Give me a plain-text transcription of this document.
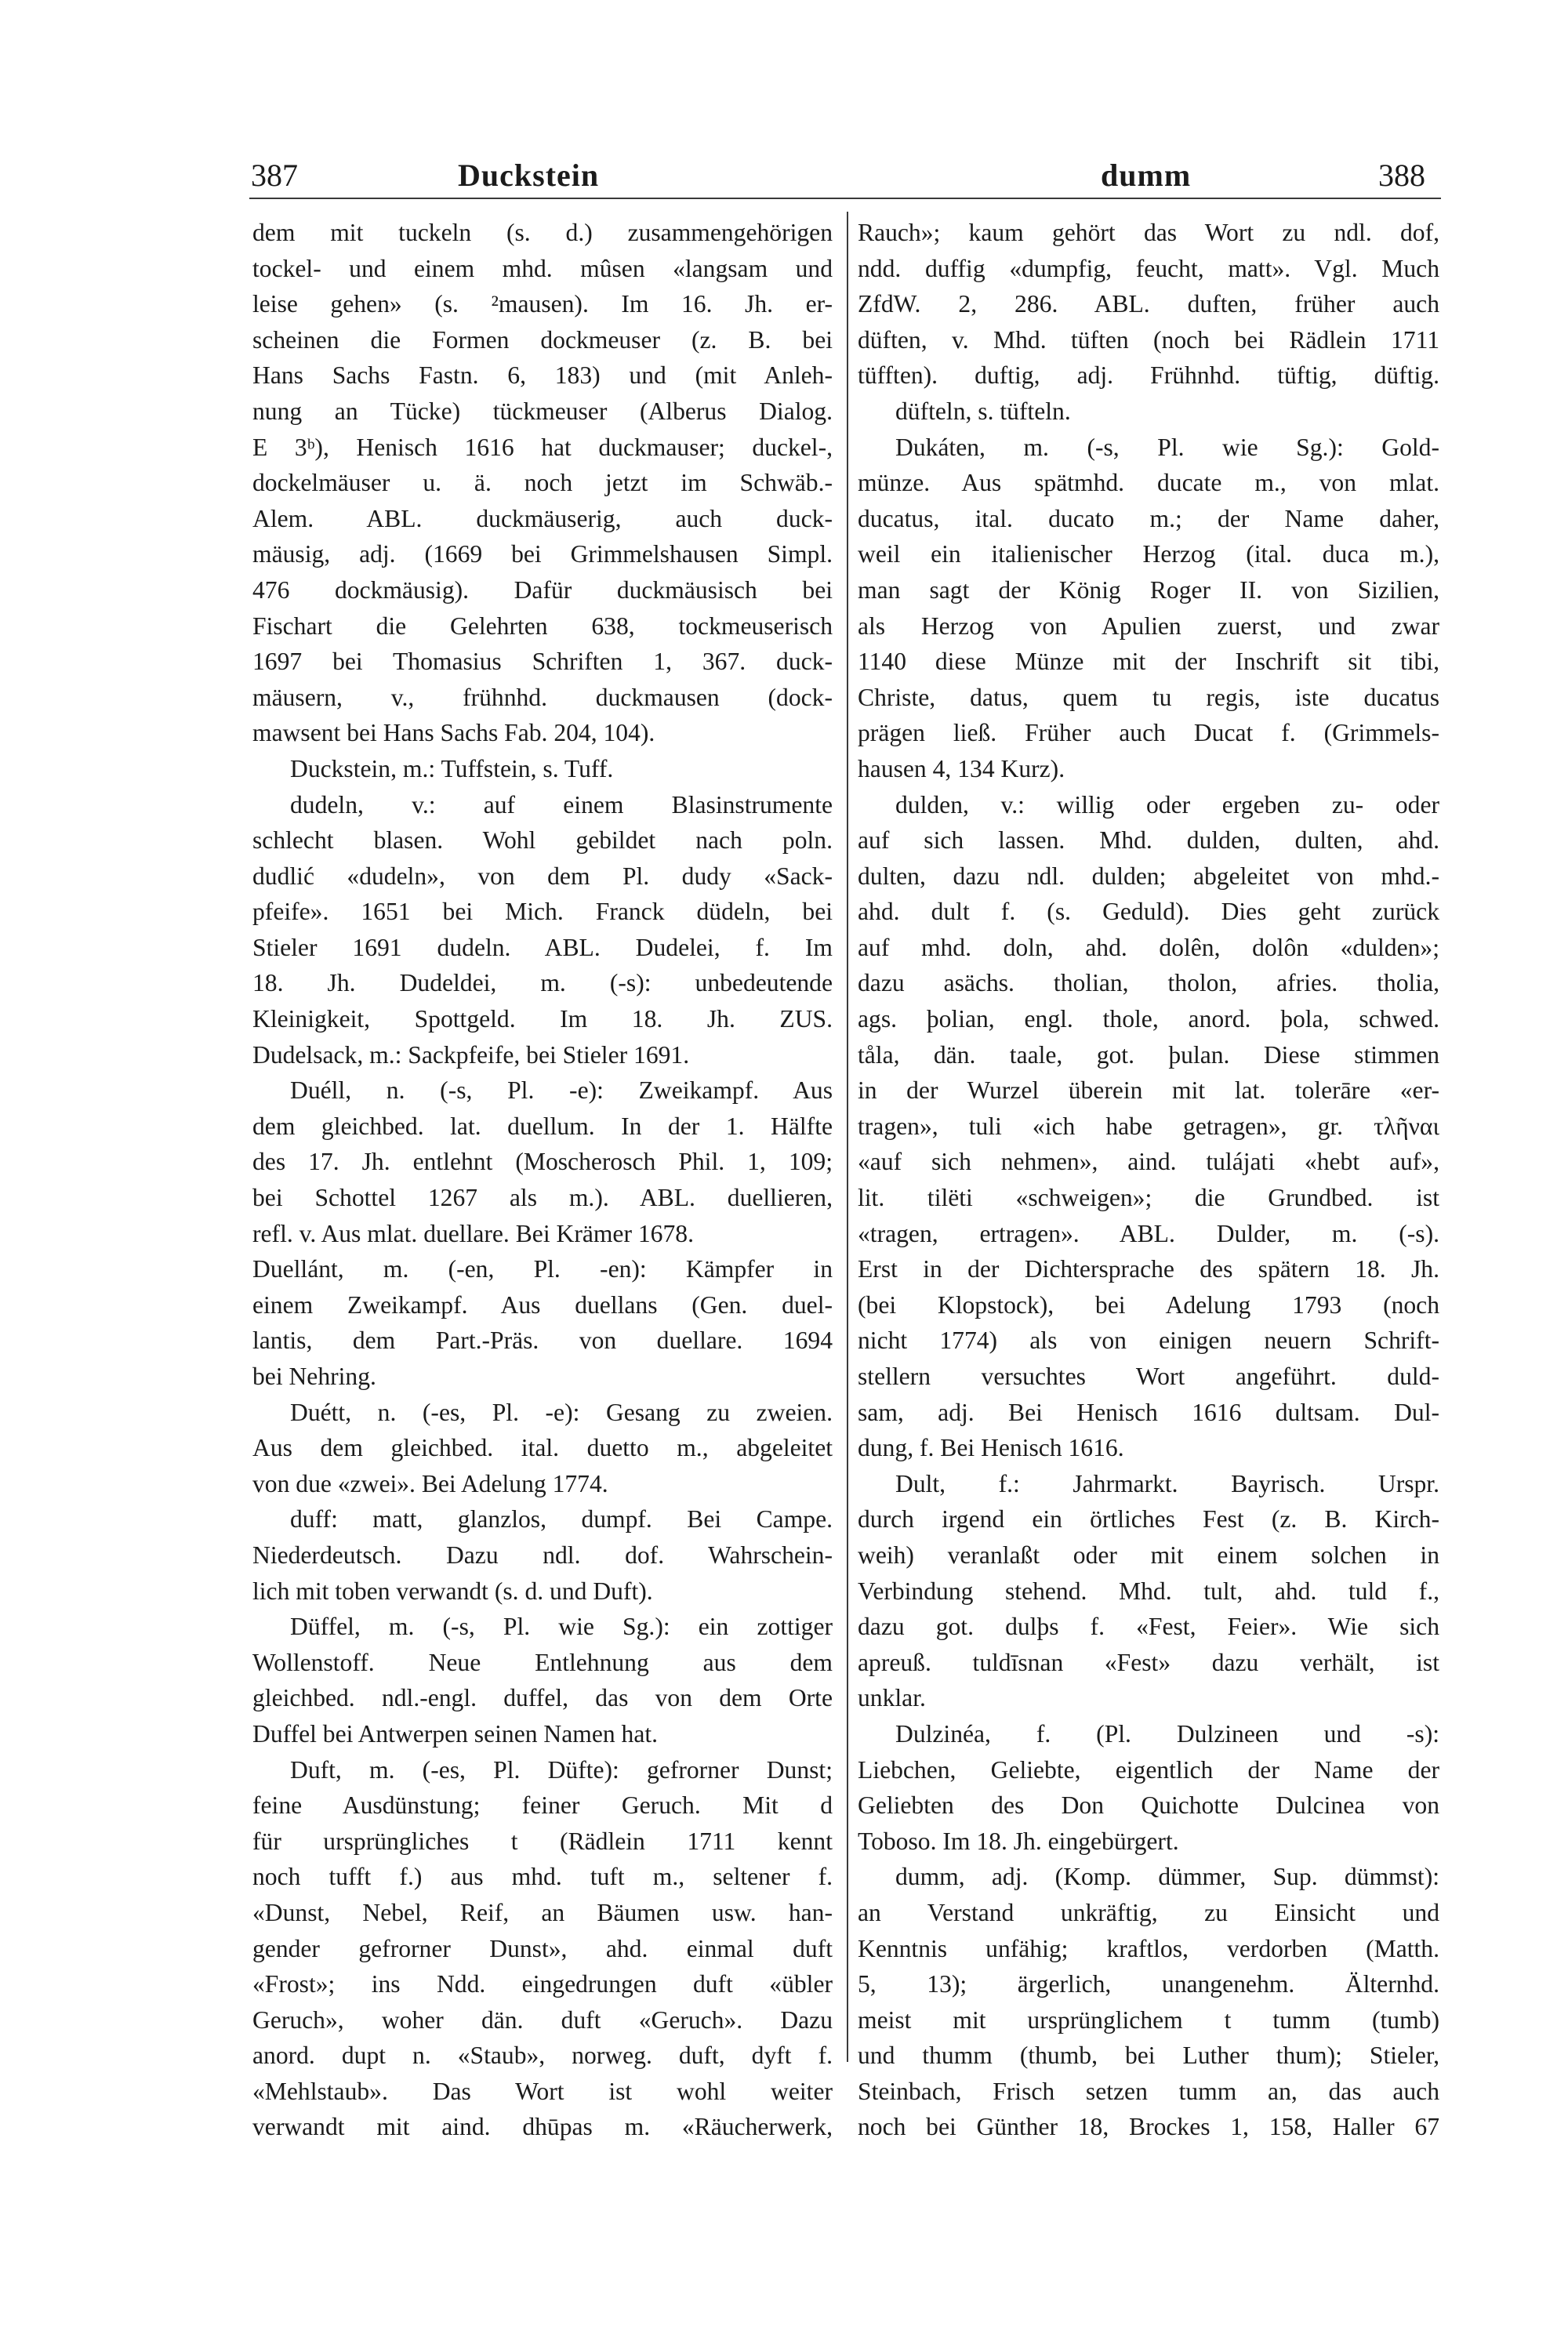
387	Duckstein	dumm	388
dem mit tuckeln (s. d.) zusammengehörigen
tockel- und einem mhd. mûsen «langsam und
leise gehen» (s. ²mausen). Im 16. Jh. er-
scheinen die Formen dockmeuser (z. B. bei
Hans Sachs Fastn. 6, 183) und (mit Anleh-
nung an Tücke) tückmeuser (Alberus Dialog.
E 3ᵇ), Henisch 1616 hat duckmauser; duckel-,
dockelmäuser u. ä. noch jetzt im Schwäb.-
Alem. ABL. duckmäuserig, auch duck-
mäusig, adj. (1669 bei Grimmelshausen Simpl.
476 dockmäusig). Dafür duckmäusisch bei
Fischart die Gelehrten 638, tockmeuserisch
1697 bei Thomasius Schriften 1, 367. duck-
mäusern, v., frühnhd. duckmausen (dock-
mawsent bei Hans Sachs Fab. 204, 104).
Duckstein, m.: Tuffstein, s. Tuff.
dudeln, v.: auf einem Blasinstrumente
schlecht blasen. Wohl gebildet nach poln.
dudlić «dudeln», von dem Pl. dudy «Sack-
pfeife». 1651 bei Mich. Franck düdeln, bei
Stieler 1691 dudeln. ABL. Dudelei, f. Im
18. Jh. Dudeldei, m. (-s): unbedeutende
Kleinigkeit, Spottgeld. Im 18. Jh. ZUS.
Dudelsack, m.: Sackpfeife, bei Stieler 1691.
Duéll, n. (-s, Pl. -e): Zweikampf. Aus
dem gleichbed. lat. duellum. In der 1. Hälfte
des 17. Jh. entlehnt (Moscherosch Phil. 1, 109;
bei Schottel 1267 als m.). ABL. duellieren,
refl. v. Aus mlat. duellare. Bei Krämer 1678.
Duellánt, m. (-en, Pl. -en): Kämpfer in
einem Zweikampf. Aus duellans (Gen. duel-
lantis, dem Part.-Präs. von duellare. 1694
bei Nehring.
Duétt, n. (-es, Pl. -e): Gesang zu zweien.
Aus dem gleichbed. ital. duetto m., abgeleitet
von due «zwei». Bei Adelung 1774.
duff: matt, glanzlos, dumpf. Bei Campe.
Niederdeutsch. Dazu ndl. dof. Wahrschein-
lich mit toben verwandt (s. d. und Duft).
Düffel, m. (-s, Pl. wie Sg.): ein zottiger
Wollenstoff. Neue Entlehnung aus dem
gleichbed. ndl.-engl. duffel, das von dem Orte
Duffel bei Antwerpen seinen Namen hat.
Duft, m. (-es, Pl. Düfte): gefrorner Dunst;
feine Ausdünstung; feiner Geruch. Mit d
für ursprüngliches t (Rädlein 1711 kennt
noch tufft f.) aus mhd. tuft m., seltener f.
«Dunst, Nebel, Reif, an Bäumen usw. han-
gender gefrorner Dunst», ahd. einmal duft
«Frost»; ins Ndd. eingedrungen duft «übler
Geruch», woher dän. duft «Geruch». Dazu
anord. dupt n. «Staub», norweg. duft, dyft f.
«Mehlstaub». Das Wort ist wohl weiter
verwandt mit aind. dhūpas m. «Räucherwerk,
Rauch»; kaum gehört das Wort zu ndl. dof,
ndd. duffig «dumpfig, feucht, matt». Vgl. Much
ZfdW. 2, 286. ABL. duften, früher auch
düften, v. Mhd. tüften (noch bei Rädlein 1711
tüfften). duftig, adj. Frühnhd. tüftig, düftig.
düfteln, s. tüfteln.
Dukáten, m. (-s, Pl. wie Sg.): Gold-
münze. Aus spätmhd. ducate m., von mlat.
ducatus, ital. ducato m.; der Name daher,
weil ein italienischer Herzog (ital. duca m.),
man sagt der König Roger II. von Sizilien,
als Herzog von Apulien zuerst, und zwar
1140 diese Münze mit der Inschrift sit tibi,
Christe, datus, quem tu regis, iste ducatus
prägen ließ. Früher auch Ducat f. (Grimmels-
hausen 4, 134 Kurz).
dulden, v.: willig oder ergeben zu- oder
auf sich lassen. Mhd. dulden, dulten, ahd.
dulten, dazu ndl. dulden; abgeleitet von mhd.-
ahd. dult f. (s. Geduld). Dies geht zurück
auf mhd. doln, ahd. dolên, dolôn «dulden»;
dazu asächs. tholian, tholon, afries. tholia,
ags. þolian, engl. thole, anord. þola, schwed.
tåla, dän. taale, got. þulan. Diese stimmen
in der Wurzel überein mit lat. tolerāre «er-
tragen», tuli «ich habe getragen», gr. τλῆναι
«auf sich nehmen», aind. tulájati «hebt auf»,
lit. tilëti «schweigen»; die Grundbed. ist
«tragen, ertragen». ABL. Dulder, m. (-s).
Erst in der Dichtersprache des spätern 18. Jh.
(bei Klopstock), bei Adelung 1793 (noch
nicht 1774) als von einigen neuern Schrift-
stellern versuchtes Wort angeführt. duld-
sam, adj. Bei Henisch 1616 dultsam. Dul-
dung, f. Bei Henisch 1616.
Dult, f.: Jahrmarkt. Bayrisch. Urspr.
durch irgend ein örtliches Fest (z. B. Kirch-
weih) veranlaßt oder mit einem solchen in
Verbindung stehend. Mhd. tult, ahd. tuld f.,
dazu got. dulþs f. «Fest, Feier». Wie sich
apreuß. tuldīsnan «Fest» dazu verhält, ist
unklar.
Dulzinéa, f. (Pl. Dulzineen und -s):
Liebchen, Geliebte, eigentlich der Name der
Geliebten des Don Quichotte Dulcinea von
Toboso. Im 18. Jh. eingebürgert.
dumm, adj. (Komp. dümmer, Sup. dümmst):
an Verstand unkräftig, zu Einsicht und
Kenntnis unfähig; kraftlos, verdorben (Matth.
5, 13); ärgerlich, unangenehm. Älternhd.
meist mit ursprünglichem t tumm (tumb)
und thumm (thumb, bei Luther thum); Stieler,
Steinbach, Frisch setzen tumm an, das auch
noch bei Günther 18, Brockes 1, 158, Haller 67
